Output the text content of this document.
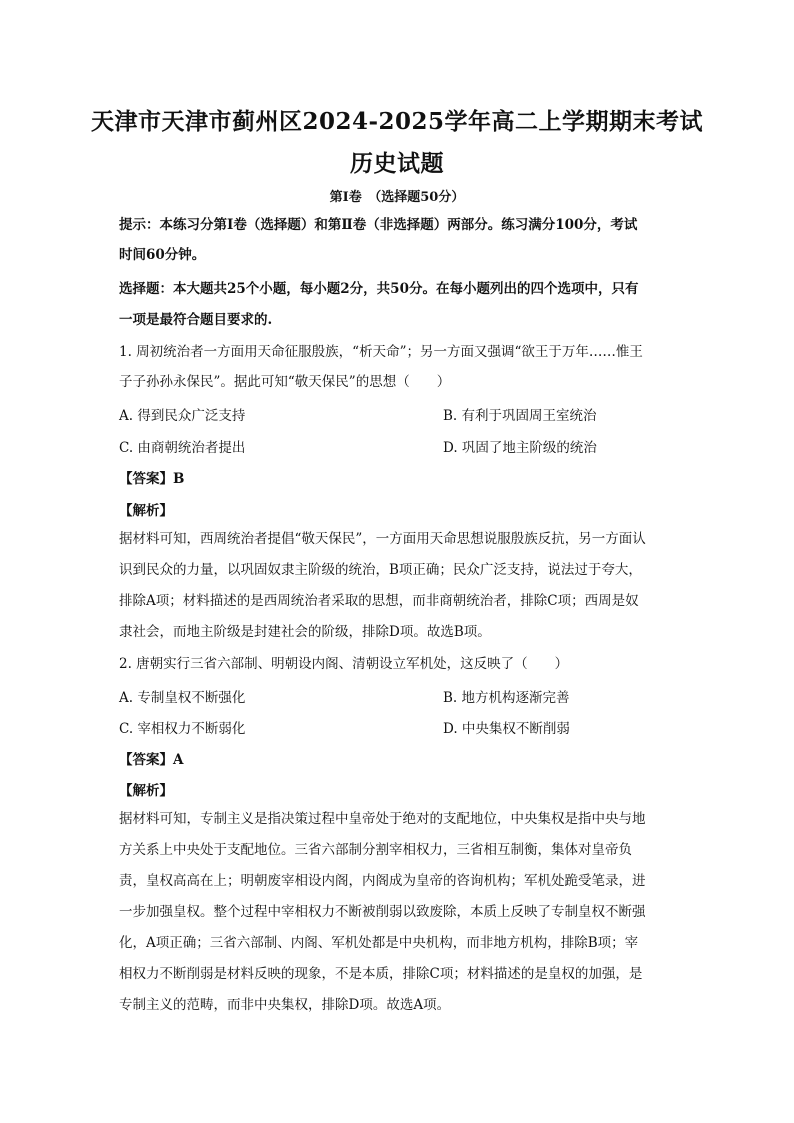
天津市天津市蓟州区2024-2025学年高二上学期期末考试
历史试题
第Ⅰ卷　（选择题50分）
提示：本练习分第Ⅰ卷（选择题）和第Ⅱ卷（非选择题）两部分。练习满分100分，考试
时间60分钟。
选择题：本大题共25个小题，每小题2分，共50分。在每小题列出的四个选项中，只有
一项是最符合题目要求的.
1. 周初统治者一方面用天命征服殷族，“析天命”；另一方面又强调“欲王于万年……惟王
子子孙孙永保民”。据此可知“敬天保民”的思想（　　）
A. 得到民众广泛支持	B. 有利于巩固周王室统治
C. 由商朝统治者提出	D. 巩固了地主阶级的统治
【答案】B
【解析】
据材料可知，西周统治者提倡“敬天保民”，一方面用天命思想说服殷族反抗，另一方面认
识到民众的力量，以巩固奴隶主阶级的统治，B项正确；民众广泛支持，说法过于夸大，
排除A项；材料描述的是西周统治者采取的思想，而非商朝统治者，排除C项；西周是奴
隶社会，而地主阶级是封建社会的阶级，排除D项。故选B项。
2. 唐朝实行三省六部制、明朝设内阁、清朝设立军机处，这反映了（　　）
A. 专制皇权不断强化	B. 地方机构逐渐完善
C. 宰相权力不断弱化	D. 中央集权不断削弱
【答案】A
【解析】
据材料可知，专制主义是指决策过程中皇帝处于绝对的支配地位，中央集权是指中央与地
方关系上中央处于支配地位。三省六部制分割宰相权力，三省相互制衡，集体对皇帝负
责，皇权高高在上；明朝废宰相设内阁，内阁成为皇帝的咨询机构；军机处跪受笔录，进
一步加强皇权。整个过程中宰相权力不断被削弱以致废除，本质上反映了专制皇权不断强
化，A项正确；三省六部制、内阁、军机处都是中央机构，而非地方机构，排除B项；宰
相权力不断削弱是材料反映的现象，不是本质，排除C项；材料描述的是皇权的加强，是
专制主义的范畴，而非中央集权，排除D项。故选A项。
